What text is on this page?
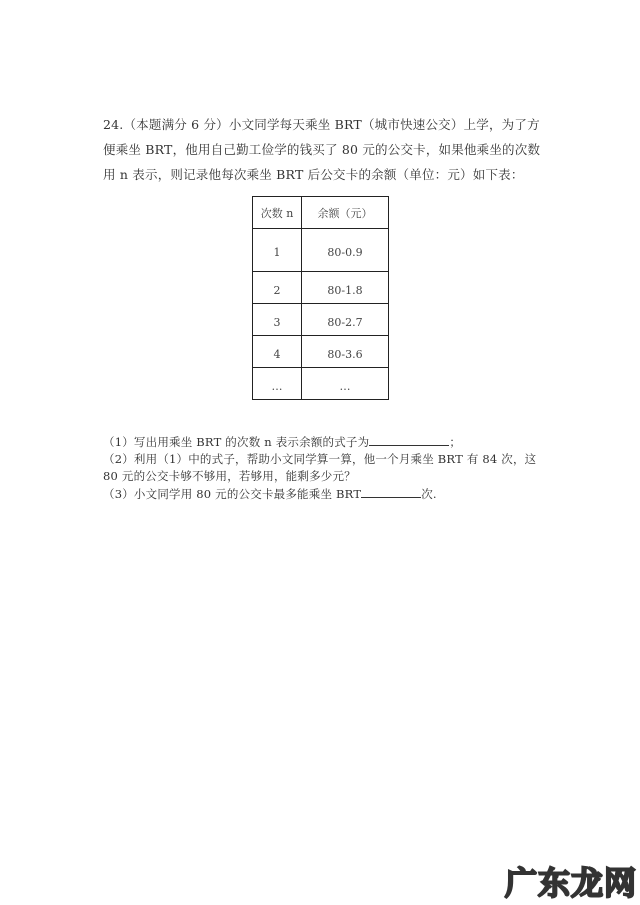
24.（本题满分 6 分）小文同学每天乘坐 BRT（城市快速公交）上学，为了方便乘坐 BRT，他用自己勤工俭学的钱买了 80 元的公交卡，如果他乘坐的次数用 n 表示，则记录他每次乘坐 BRT 后公交卡的余额（单位：元）如下表：
次数 n	余额（元）
1	80-0.9
2	80-1.8
3	80-2.7
4	80-3.6
…	…
（1）写出用乘坐 BRT 的次数 n 表示余额的式子为	；
（2）利用（1）中的式子，帮助小文同学算一算，他一个月乘坐 BRT 有 84 次，这 80 元的公交卡够不够用，若够用，能剩多少元？
（3）小文同学用 80 元的公交卡最多能乘坐 BRT	次.
广东龙网
